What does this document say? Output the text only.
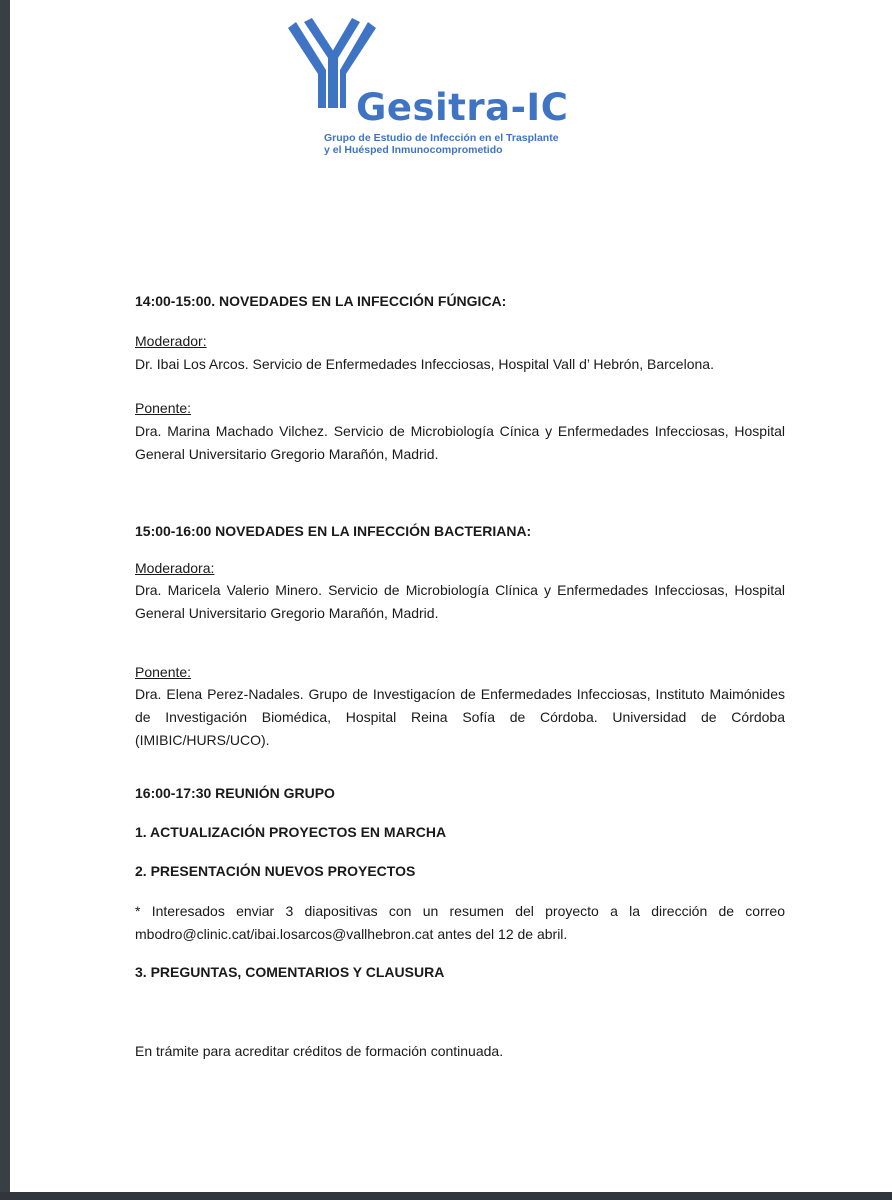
Gesitra-IC
Grupo de Estudio de Infección en el Trasplante
y el Huésped Inmunocomprometido

14:00-15:00. NOVEDADES EN LA INFECCIÓN FÚNGICA:

Moderador:

Dr. Ibai Los Arcos. Servicio de Enfermedades Infecciosas, Hospital Vall d’ Hebrón, Barcelona.

Ponente:

Dra. Marina Machado Vilchez. Servicio de Microbiología Cínica y Enfermedades Infecciosas, Hospital General Universitario Gregorio Marañón, Madrid.

15:00-16:00 NOVEDADES EN LA INFECCIÓN BACTERIANA:

Moderadora:

Dra. Maricela Valerio Minero. Servicio de Microbiología Clínica y Enfermedades Infecciosas, Hospital General Universitario Gregorio Marañón, Madrid.

Ponente:

Dra. Elena Perez-Nadales. Grupo de Investigacíon de Enfermedades Infecciosas, Instituto Maimónides de Investigación Biomédica, Hospital Reina Sofía de Córdoba. Universidad de Córdoba (IMIBIC/HURS/UCO).

16:00-17:30 REUNIÓN GRUPO

1. ACTUALIZACIÓN PROYECTOS EN MARCHA

2. PRESENTACIÓN NUEVOS PROYECTOS

* Interesados enviar 3 diapositivas con un resumen del proyecto a la dirección de correo mbodro@clinic.cat/ibai.losarcos@vallhebron.cat antes del 12 de abril.

3. PREGUNTAS, COMENTARIOS Y CLAUSURA

En trámite para acreditar créditos de formación continuada.
